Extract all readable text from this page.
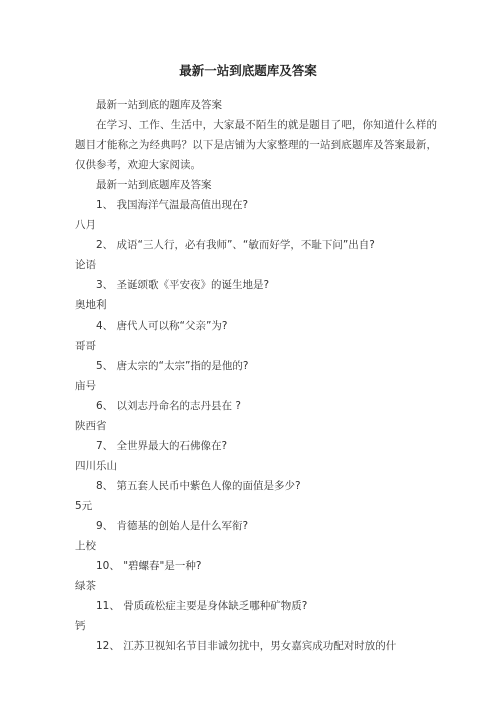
最新一站到底题库及答案
最新一站到底的题库及答案
在学习、工作、生活中，大家最不陌生的就是题目了吧，你知道什么样的题目才能称之为经典吗？以下是店铺为大家整理的一站到底题库及答案最新，仅供参考，欢迎大家阅读。
最新一站到底题库及答案
1、 我国海洋气温最高值出现在?
八月
2、 成语“三人行，必有我师”、“敏而好学，不耻下问”出自?
论语
3、 圣诞颂歌《平安夜》的诞生地是?
奥地利
4、 唐代人可以称“父亲”为?
哥哥
5、 唐太宗的“太宗”指的是他的?
庙号
6、 以刘志丹命名的志丹县在 ?
陕西省
7、 全世界最大的石佛像在?
四川乐山
8、 第五套人民币中紫色人像的面值是多少?
5元
9、 肯德基的创始人是什么军衔?
上校
10、 "碧螺春"是一种?
绿茶
11、 骨质疏松症主要是身体缺乏哪种矿物质?
钙
12、 江苏卫视知名节目非诚勿扰中，男女嘉宾成功配对时放的什
